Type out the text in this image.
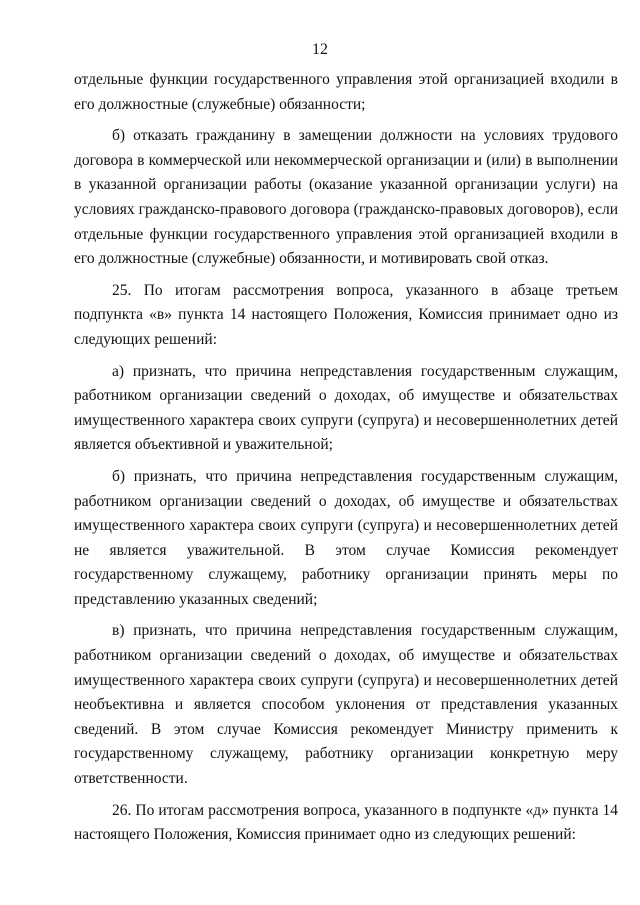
12

отдельные функции государственного управления этой организацией входили в его должностные (служебные) обязанности;

б) отказать гражданину в замещении должности на условиях трудового договора в коммерческой или некоммерческой организации и (или) в выполнении в указанной организации работы (оказание указанной организации услуги) на условиях гражданско-правового договора (гражданско-правовых договоров), если отдельные функции государственного управления этой организацией входили в его должностные (служебные) обязанности, и мотивировать свой отказ.

25. По итогам рассмотрения вопроса, указанного в абзаце третьем подпункта «в» пункта 14 настоящего Положения, Комиссия принимает одно из следующих решений:

а) признать, что причина непредставления государственным служащим, работником организации сведений о доходах, об имуществе и обязательствах имущественного характера своих супруги (супруга) и несовершеннолетних детей является объективной и уважительной;

б) признать, что причина непредставления государственным служащим, работником организации сведений о доходах, об имуществе и обязательствах имущественного характера своих супруги (супруга) и несовершеннолетних детей не является уважительной. В этом случае Комиссия рекомендует государственному служащему, работнику организации принять меры по представлению указанных сведений;

в) признать, что причина непредставления государственным служащим, работником организации сведений о доходах, об имуществе и обязательствах имущественного характера своих супруги (супруга) и несовершеннолетних детей необъективна и является способом уклонения от представления указанных сведений. В этом случае Комиссия рекомендует Министру применить к государственному служащему, работнику организации конкретную меру ответственности.

26. По итогам рассмотрения вопроса, указанного в подпункте «д» пункта 14 настоящего Положения, Комиссия принимает одно из следующих решений:
